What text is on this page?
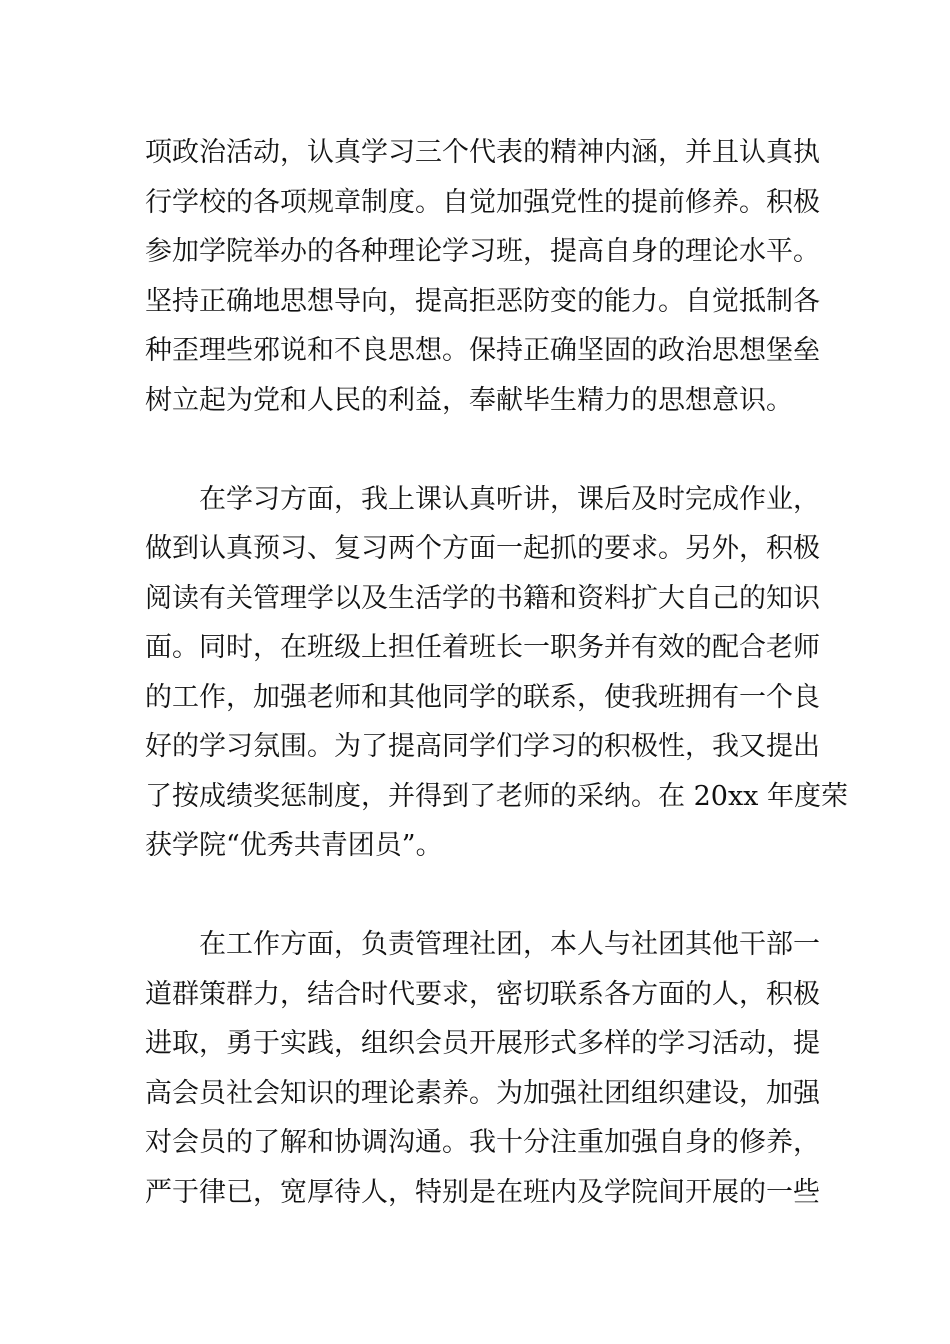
项政治活动，认真学习三个代表的精神内涵，并且认真执
行学校的各项规章制度。自觉加强党性的提前修养。积极
参加学院举办的各种理论学习班，提高自身的理论水平。
坚持正确地思想导向，提高拒恶防变的能力。自觉抵制各
种歪理些邪说和不良思想。保持正确坚固的政治思想堡垒
树立起为党和人民的利益，奉献毕生精力的思想意识。

　　在学习方面，我上课认真听讲，课后及时完成作业，
做到认真预习、复习两个方面一起抓的要求。另外，积极
阅读有关管理学以及生活学的书籍和资料扩大自己的知识
面。同时，在班级上担任着班长一职务并有效的配合老师
的工作，加强老师和其他同学的联系，使我班拥有一个良
好的学习氛围。为了提高同学们学习的积极性，我又提出
了按成绩奖惩制度，并得到了老师的采纳。在 20xx 年度荣
获学院“优秀共青团员”。

　　在工作方面，负责管理社团，本人与社团其他干部一
道群策群力，结合时代要求，密切联系各方面的人，积极
进取，勇于实践，组织会员开展形式多样的学习活动，提
高会员社会知识的理论素养。为加强社团组织建设，加强
对会员的了解和协调沟通。我十分注重加强自身的修养，
严于律已，宽厚待人，特别是在班内及学院间开展的一些
